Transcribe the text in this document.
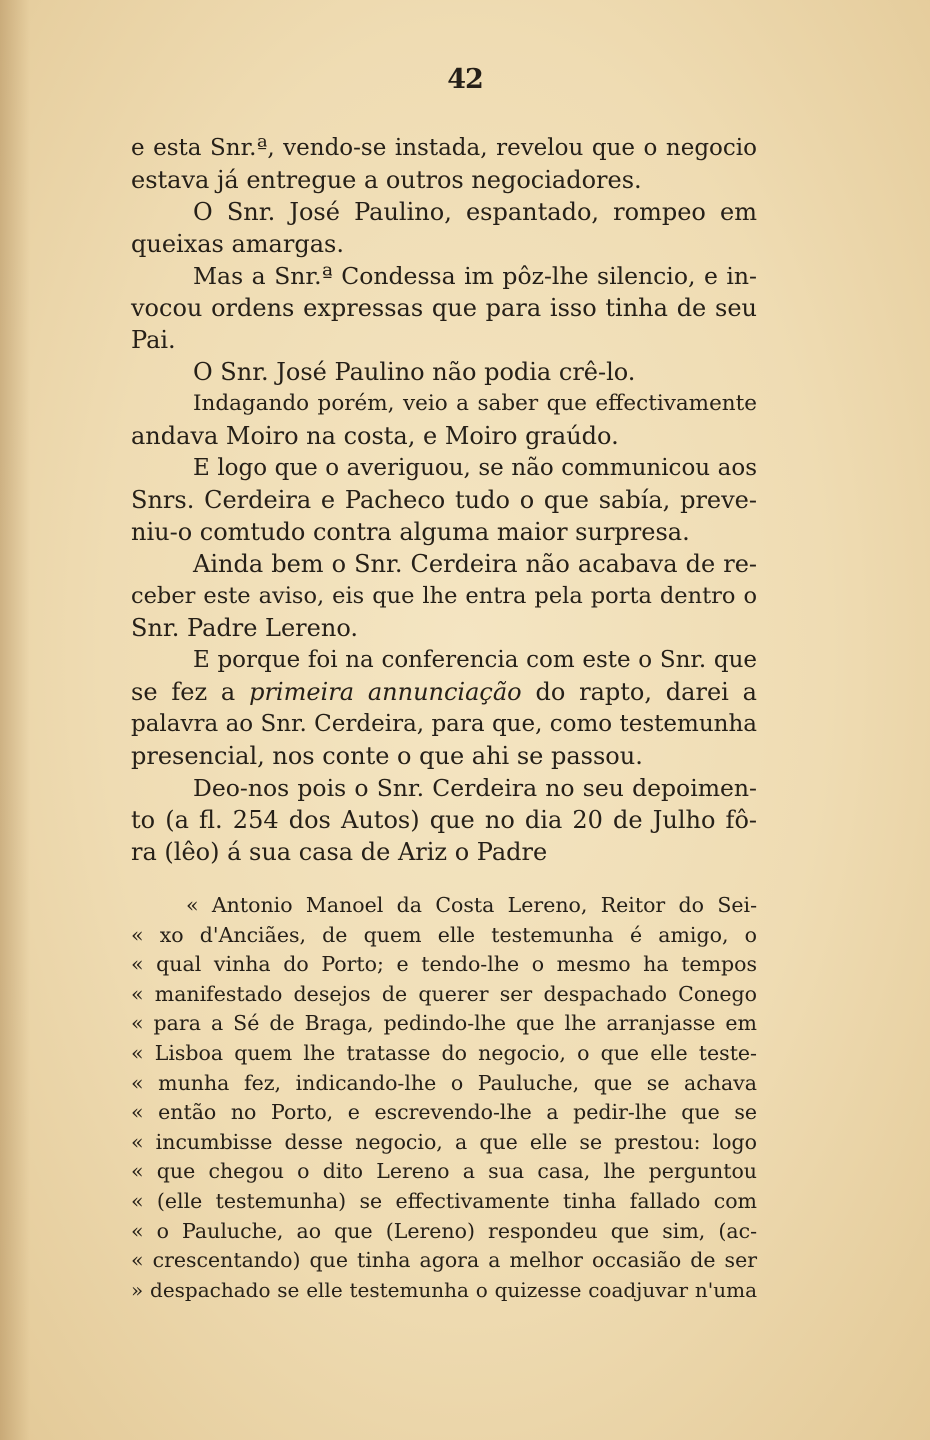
42
e esta Snr.ª, vendo-se instada, revelou que o negocio
estava já entregue a outros negociadores.
O Snr. José Paulino, espantado, rompeo em
queixas amargas.
Mas a Snr.ª Condessa im pôz-lhe silencio, e in-
vocou ordens expressas que para isso tinha de seu
Pai.
O Snr. José Paulino não podia crê-lo.
Indagando porém, veio a saber que effectivamente
andava Moiro na costa, e Moiro graúdo.
E logo que o averiguou, se não communicou aos
Snrs. Cerdeira e Pacheco tudo o que sabía, preve-
niu-o comtudo contra alguma maior surpresa.
Ainda bem o Snr. Cerdeira não acabava de re-
ceber este aviso, eis que lhe entra pela porta dentro o
Snr. Padre Lereno.
E porque foi na conferencia com este o Snr. que
se fez a primeira annunciação do rapto, darei a
palavra ao Snr. Cerdeira, para que, como testemunha
presencial, nos conte o que ahi se passou.
Deo-nos pois o Snr. Cerdeira no seu depoimen-
to (a fl. 254 dos Autos) que no dia 20 de Julho fô-
ra (lêo) á sua casa de Ariz o Padre
« Antonio Manoel da Costa Lereno, Reitor do Sei-
« xo d'Anciães, de quem elle testemunha é amigo, o
« qual vinha do Porto; e tendo-lhe o mesmo ha tempos
« manifestado desejos de querer ser despachado Conego
« para a Sé de Braga, pedindo-lhe que lhe arranjasse em
« Lisboa quem lhe tratasse do negocio, o que elle teste-
« munha fez, indicando-lhe o Pauluche, que se achava
« então no Porto, e escrevendo-lhe a pedir-lhe que se
« incumbisse desse negocio, a que elle se prestou: logo
« que chegou o dito Lereno a sua casa, lhe perguntou
« (elle testemunha) se effectivamente tinha fallado com
« o Pauluche, ao que (Lereno) respondeu que sim, (ac-
« crescentando) que tinha agora a melhor occasião de ser
» despachado se elle testemunha o quizesse coadjuvar n'uma
